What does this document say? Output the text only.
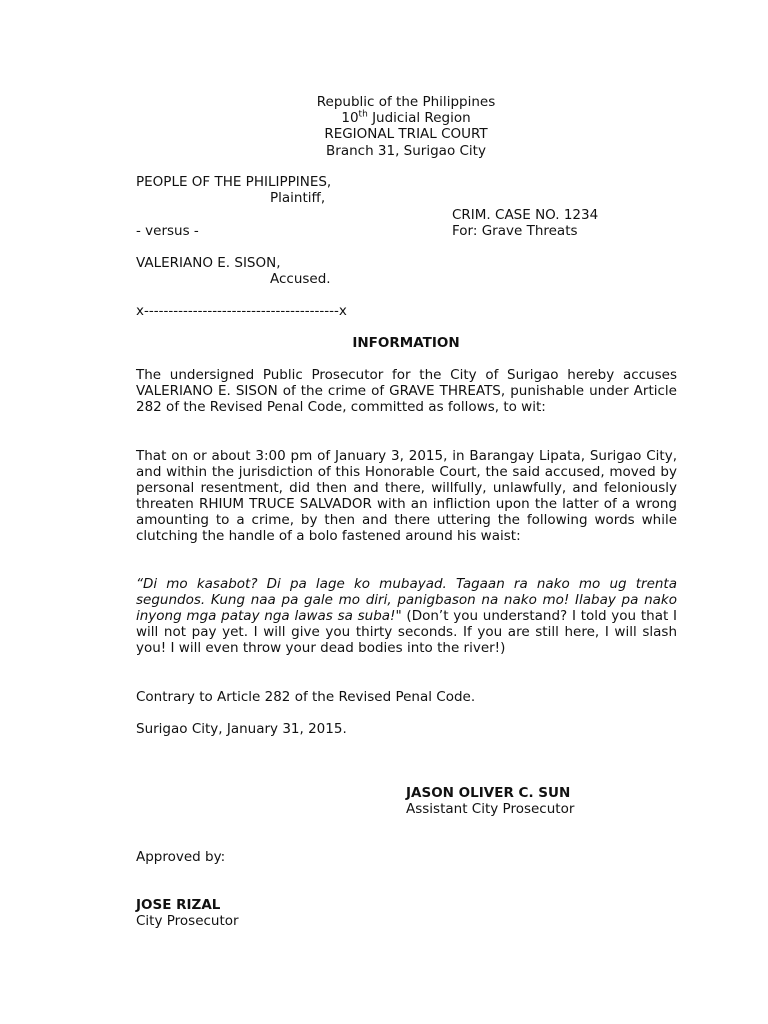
Republic of the Philippines
10th Judicial Region
REGIONAL TRIAL COURT
Branch 31, Surigao City
PEOPLE OF THE PHILIPPINES,
Plaintiff,
CRIM. CASE NO. 1234
- versus -	For: Grave Threats
VALERIANO E. SISON,
Accused.
x----------------------------------------x
INFORMATION
The undersigned Public Prosecutor for the City of Surigao hereby accuses VALERIANO E. SISON of the crime of GRAVE THREATS, punishable under Article 282 of the Revised Penal Code, committed as follows, to wit:
That on or about 3:00 pm of January 3, 2015, in Barangay Lipata, Surigao City, and within the jurisdiction of this Honorable Court, the said accused, moved by personal resentment, did then and there, willfully, unlawfully, and feloniously threaten RHIUM TRUCE SALVADOR with an infliction upon the latter of a wrong amounting to a crime, by then and there uttering the following words while clutching the handle of a bolo fastened around his waist:
“Di mo kasabot? Di pa lage ko mubayad. Tagaan ra nako mo ug trenta segundos. Kung naa pa gale mo diri, panigbason na nako mo! Ilabay pa nako inyong mga patay nga lawas sa suba!" (Don’t you understand? I told you that I will not pay yet. I will give you thirty seconds. If you are still here, I will slash you! I will even throw your dead bodies into the river!)
Contrary to Article 282 of the Revised Penal Code.
Surigao City, January 31, 2015.
JASON OLIVER C. SUN
Assistant City Prosecutor
Approved by:
JOSE RIZAL
City Prosecutor
